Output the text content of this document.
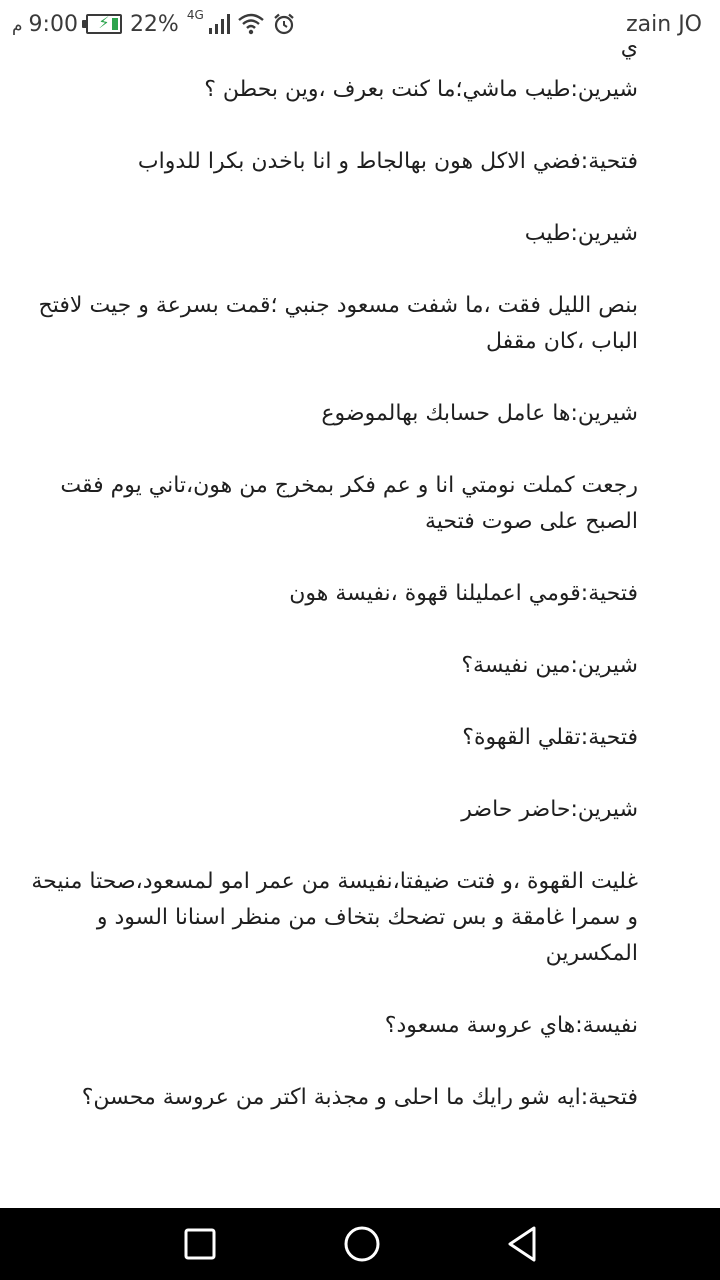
م 9:00	⚡ 22% 4G	zain JO
ي

شيرين:طيب ماشي؛ما كنت بعرف ،وين بحطن ؟

فتحية:فضي الاكل هون بهالجاط و انا باخدن بكرا للدواب

شيرين:طيب

بنص الليل فقت ،ما شفت مسعود جنبي ؛قمت بسرعة و جيت لافتح الباب ،كان مقفل

شيرين:ها عامل حسابك بهالموضوع

رجعت كملت نومتي انا و عم فكر بمخرج من هون،تاني يوم فقت الصبح على صوت فتحية

فتحية:قومي اعمليلنا قهوة ،نفيسة هون

شيرين:مين نفيسة؟

فتحية:تقلي القهوة؟

شيرين:حاضر حاضر

غليت القهوة ،و فتت ضيفتا،نفيسة من عمر امو لمسعود،صحتا منيحة و سمرا غامقة و بس تضحك بتخاف من منظر اسنانا السود و المكسرين

نفيسة:هاي عروسة مسعود؟

فتحية:ايه شو رايك ما احلى و مجذبة اكتر من عروسة محسن؟
